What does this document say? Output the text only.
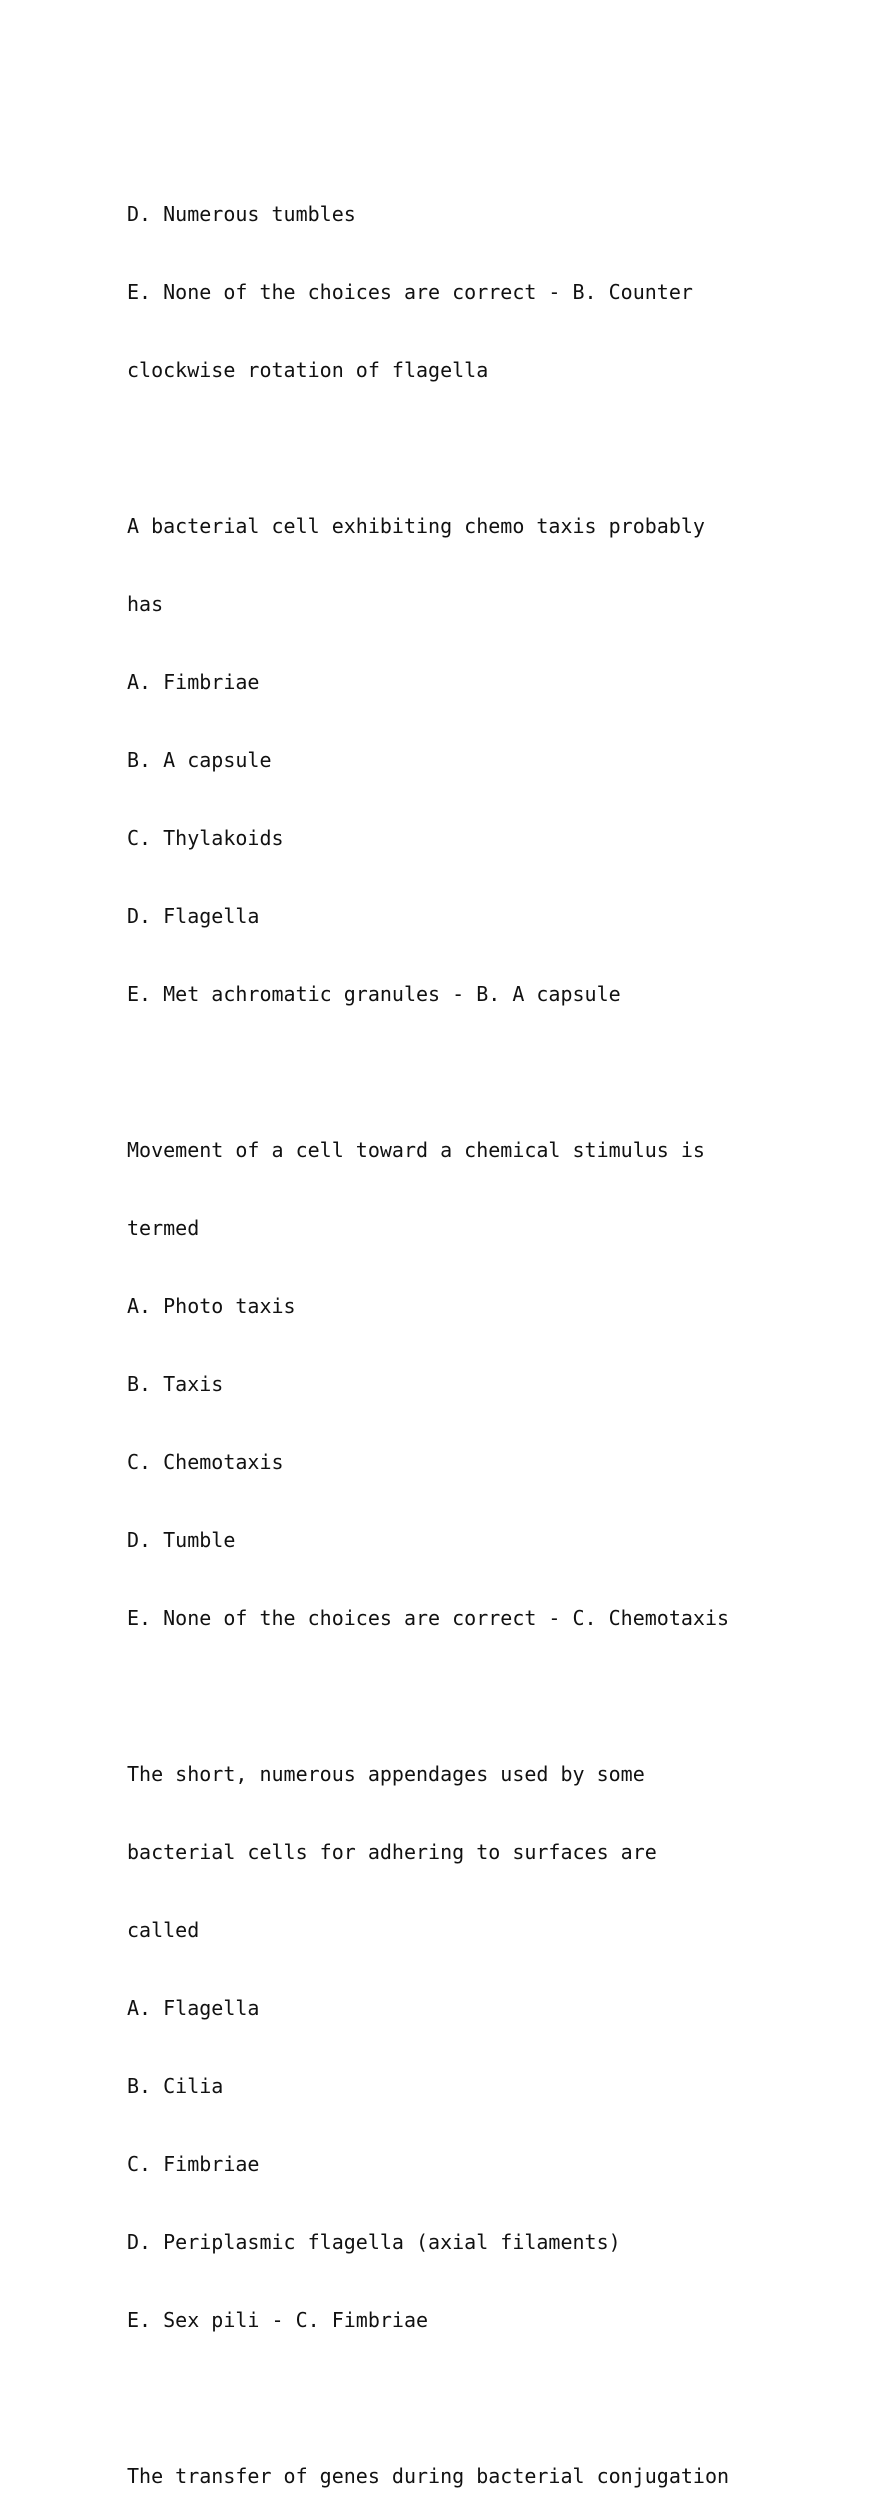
D. Numerous tumbles

E. None of the choices are correct - B. Counter

clockwise rotation of flagella

A bacterial cell exhibiting chemo taxis probably

has

A. Fimbriae

B. A capsule

C. Thylakoids

D. Flagella

E. Met achromatic granules - B. A capsule

Movement of a cell toward a chemical stimulus is

termed

A. Photo taxis

B. Taxis

C. Chemotaxis

D. Tumble

E. None of the choices are correct - C. Chemotaxis

The short, numerous appendages used by some

bacterial cells for adhering to surfaces are

called

A. Flagella

B. Cilia

C. Fimbriae

D. Periplasmic flagella (axial filaments)

E. Sex pili - C. Fimbriae

The transfer of genes during bacterial conjugation
